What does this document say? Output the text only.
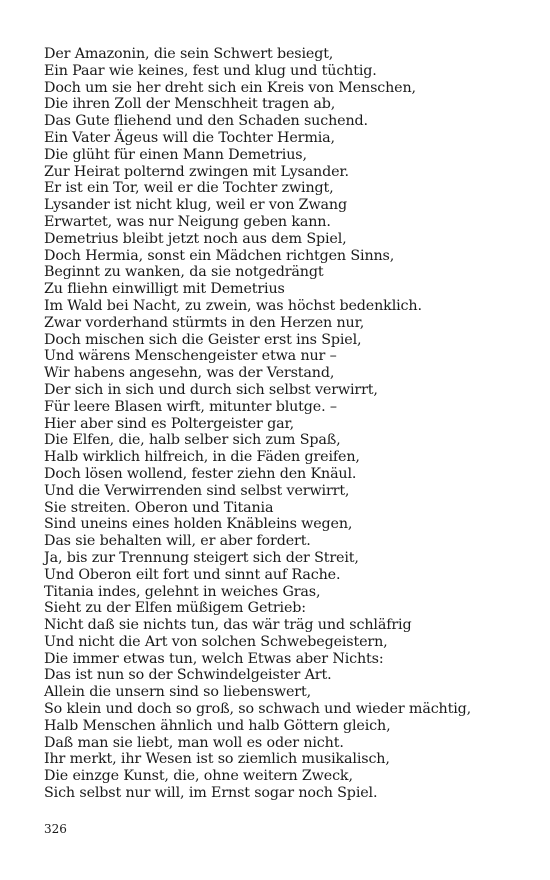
Der Amazonin, die sein Schwert besiegt,
Ein Paar wie keines, fest und klug und tüchtig.
Doch um sie her dreht sich ein Kreis von Menschen,
Die ihren Zoll der Menschheit tragen ab,
Das Gute fliehend und den Schaden suchend.
Ein Vater Ägeus will die Tochter Hermia,
Die glüht für einen Mann Demetrius,
Zur Heirat polternd zwingen mit Lysander.
Er ist ein Tor, weil er die Tochter zwingt,
Lysander ist nicht klug, weil er von Zwang
Erwartet, was nur Neigung geben kann.
Demetrius bleibt jetzt noch aus dem Spiel,
Doch Hermia, sonst ein Mädchen richtgen Sinns,
Beginnt zu wanken, da sie notgedrängt
Zu fliehn einwilligt mit Demetrius
Im Wald bei Nacht, zu zwein, was höchst bedenklich.
Zwar vorderhand stürmts in den Herzen nur,
Doch mischen sich die Geister erst ins Spiel,
Und wärens Menschengeister etwa nur –
Wir habens angesehn, was der Verstand,
Der sich in sich und durch sich selbst verwirrt,
Für leere Blasen wirft, mitunter blutge. –
Hier aber sind es Poltergeister gar,
Die Elfen, die, halb selber sich zum Spaß,
Halb wirklich hilfreich, in die Fäden greifen,
Doch lösen wollend, fester ziehn den Knäul.
Und die Verwirrenden sind selbst verwirrt,
Sie streiten. Oberon und Titania
Sind uneins eines holden Knäbleins wegen,
Das sie behalten will, er aber fordert.
Ja, bis zur Trennung steigert sich der Streit,
Und Oberon eilt fort und sinnt auf Rache.
Titania indes, gelehnt in weiches Gras,
Sieht zu der Elfen müßigem Getrieb:
Nicht daß sie nichts tun, das wär träg und schläfrig
Und nicht die Art von solchen Schwebegeistern,
Die immer etwas tun, welch Etwas aber Nichts:
Das ist nun so der Schwindelgeister Art.
Allein die unsern sind so liebenswert,
So klein und doch so groß, so schwach und wieder mächtig,
Halb Menschen ähnlich und halb Göttern gleich,
Daß man sie liebt, man woll es oder nicht.
Ihr merkt, ihr Wesen ist so ziemlich musikalisch,
Die einzge Kunst, die, ohne weitern Zweck,
Sich selbst nur will, im Ernst sogar noch Spiel.
326
